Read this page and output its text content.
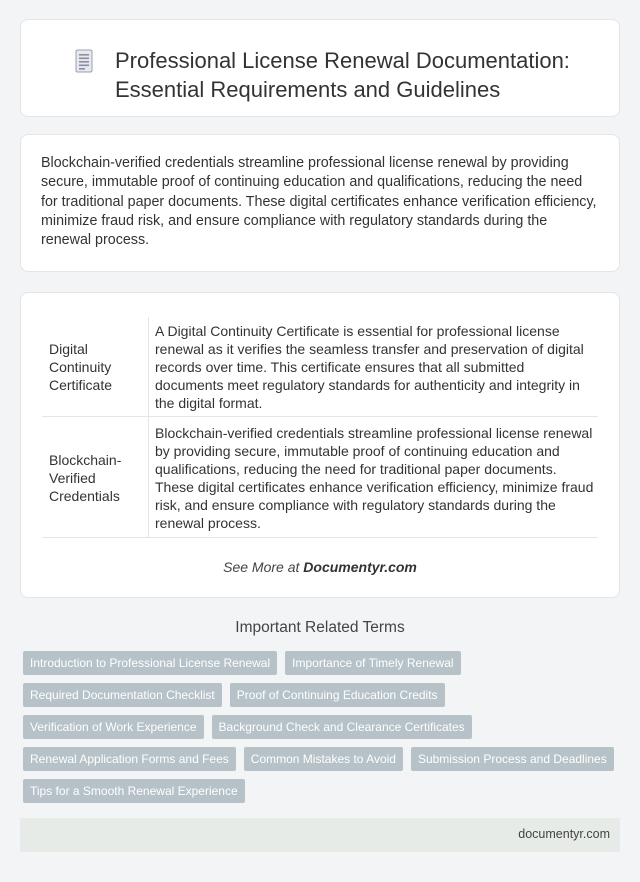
Professional License Renewal Documentation: Essential Requirements and Guidelines

Blockchain-verified credentials streamline professional license renewal by providing secure, immutable proof of continuing education and qualifications, reducing the need for traditional paper documents. These digital certificates enhance verification efficiency, minimize fraud risk, and ensure compliance with regulatory standards during the renewal process.

Digital Continuity Certificate
A Digital Continuity Certificate is essential for professional license renewal as it verifies the seamless transfer and preservation of digital records over time. This certificate ensures that all submitted documents meet regulatory standards for authenticity and integrity in the digital format.
Blockchain-Verified Credentials
Blockchain-verified credentials streamline professional license renewal by providing secure, immutable proof of continuing education and qualifications, reducing the need for traditional paper documents. These digital certificates enhance verification efficiency, minimize fraud risk, and ensure compliance with regulatory standards during the renewal process.
See More at Documentyr.com
Important Related Terms
Introduction to Professional License Renewal	Importance of Timely Renewal
Required Documentation Checklist	Proof of Continuing Education Credits
Verification of Work Experience	Background Check and Clearance Certificates
Renewal Application Forms and Fees	Common Mistakes to Avoid	Submission Process and Deadlines
Tips for a Smooth Renewal Experience
documentyr.com
